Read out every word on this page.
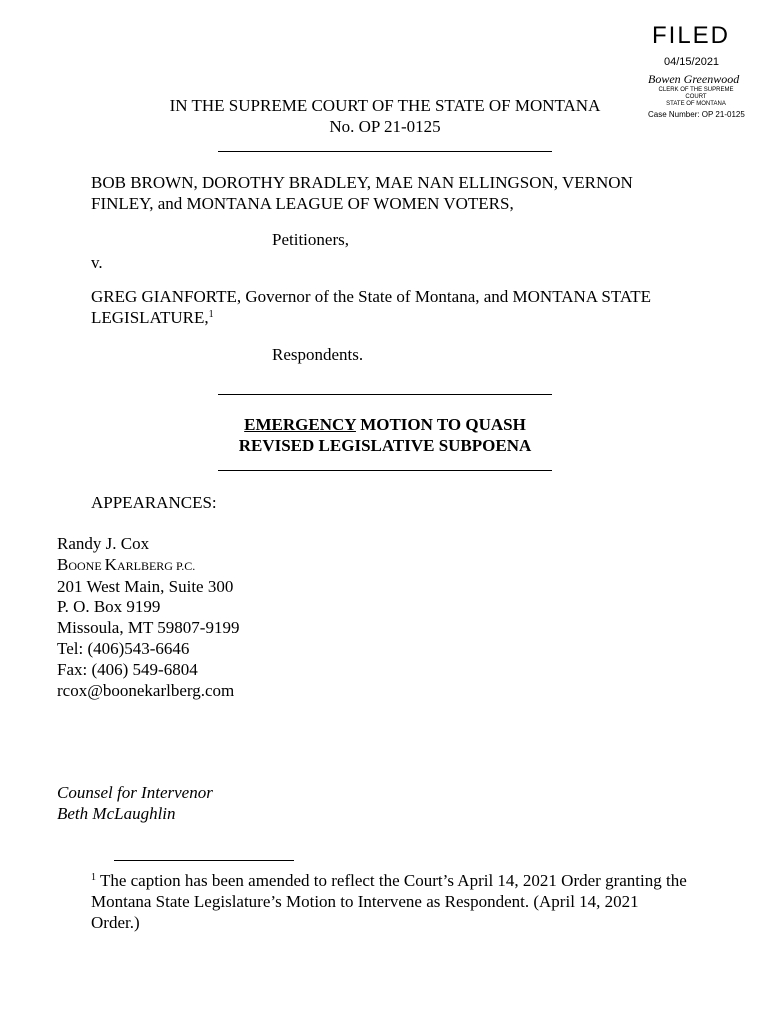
FILED
04/15/2021
Bowen Greenwood
CLERK OF THE SUPREME COURT
STATE OF MONTANA
Case Number: OP 21-0125
IN THE SUPREME COURT OF THE STATE OF MONTANA
No. OP 21-0125
BOB BROWN, DOROTHY BRADLEY, MAE NAN ELLINGSON, VERNON FINLEY, and MONTANA LEAGUE OF WOMEN VOTERS,
Petitioners,
v.
GREG GIANFORTE, Governor of the State of Montana, and MONTANA STATE LEGISLATURE,$^1$
Respondents.
EMERGENCY MOTION TO QUASH
REVISED LEGISLATIVE SUBPOENA
APPEARANCES:
Randy J. Cox
BOONE KARLBERG P.C.
201 West Main, Suite 300
P. O. Box 9199
Missoula, MT 59807-9199
Tel: (406)543-6646
Fax: (406) 549-6804
rcox@boonekarlberg.com
Counsel for Intervenor
Beth McLaughlin
$^1$ The caption has been amended to reflect the Court’s April 14, 2021 Order granting the Montana State Legislature’s Motion to Intervene as Respondent. (April 14, 2021 Order.)
